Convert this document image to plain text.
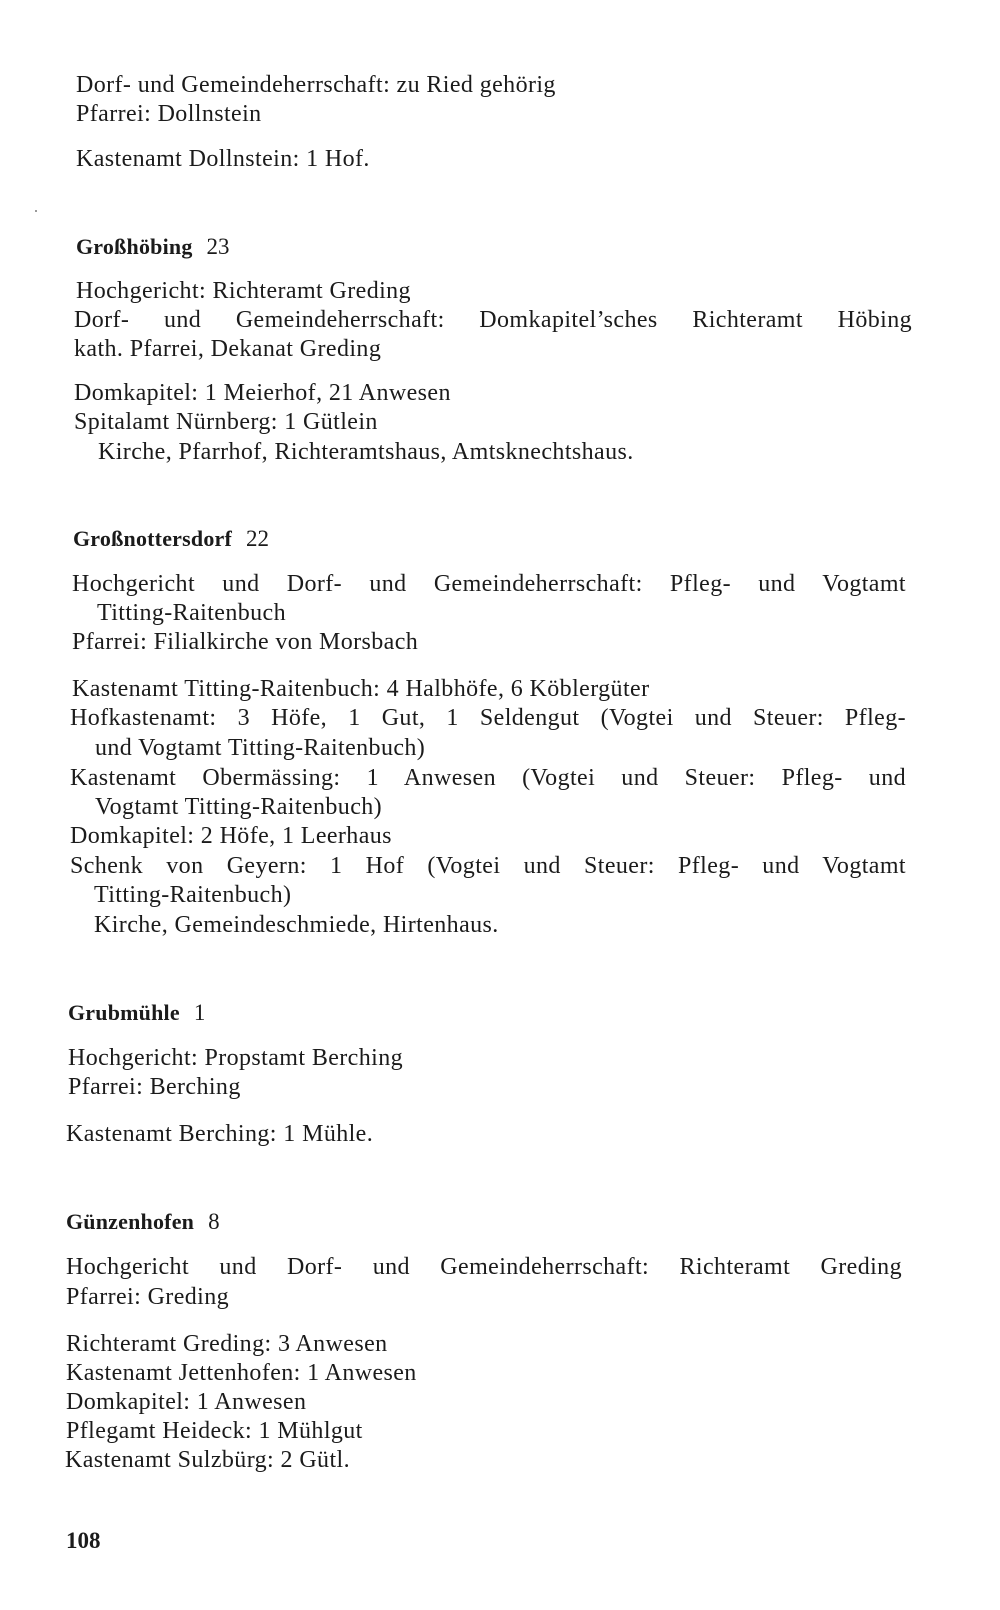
Dorf- und Gemeindeherrschaft: zu Ried gehörig
Pfarrei: Dollnstein
Kastenamt Dollnstein: 1 Hof.
Großhöbing 23
Hochgericht: Richteramt Greding
Dorf- und Gemeindeherrschaft: Domkapitel’sches Richteramt Höbing
kath. Pfarrei, Dekanat Greding
Domkapitel: 1 Meierhof, 21 Anwesen
Spitalamt Nürnberg: 1 Gütlein
Kirche, Pfarrhof, Richteramtshaus, Amtsknechtshaus.
Großnottersdorf 22
Hochgericht und Dorf- und Gemeindeherrschaft: Pfleg- und Vogtamt
Titting-Raitenbuch
Pfarrei: Filialkirche von Morsbach
Kastenamt Titting-Raitenbuch: 4 Halbhöfe, 6 Köblergüter
Hofkastenamt: 3 Höfe, 1 Gut, 1 Seldengut (Vogtei und Steuer: Pfleg-
und Vogtamt Titting-Raitenbuch)
Kastenamt Obermässing: 1 Anwesen (Vogtei und Steuer: Pfleg- und
Vogtamt Titting-Raitenbuch)
Domkapitel: 2 Höfe, 1 Leerhaus
Schenk von Geyern: 1 Hof (Vogtei und Steuer: Pfleg- und Vogtamt
Titting-Raitenbuch)
Kirche, Gemeindeschmiede, Hirtenhaus.
Grubmühle 1
Hochgericht: Propstamt Berching
Pfarrei: Berching
Kastenamt Berching: 1 Mühle.
Günzenhofen 8
Hochgericht und Dorf- und Gemeindeherrschaft: Richteramt Greding
Pfarrei: Greding
Richteramt Greding: 3 Anwesen
Kastenamt Jettenhofen: 1 Anwesen
Domkapitel: 1 Anwesen
Pflegamt Heideck: 1 Mühlgut
Kastenamt Sulzbürg: 2 Gütl.
108
